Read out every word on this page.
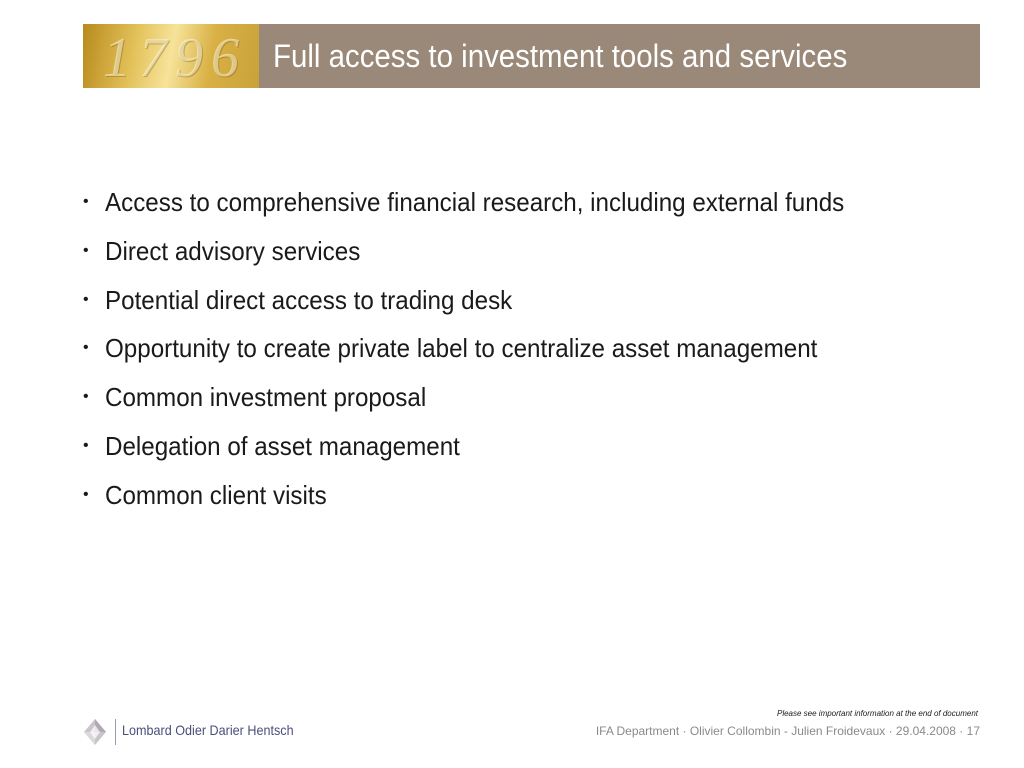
1796 Full access to investment tools and services
• Access to comprehensive financial research, including external funds
• Direct advisory services
• Potential direct access to trading desk
• Opportunity to create private label to centralize asset management
• Common investment proposal
• Delegation of asset management
• Common client visits
Lombard Odier Darier Hentsch
Please see important information at the end of document
IFA Department · Olivier Collombin - Julien Froidevaux · 29.04.2008 · 17
